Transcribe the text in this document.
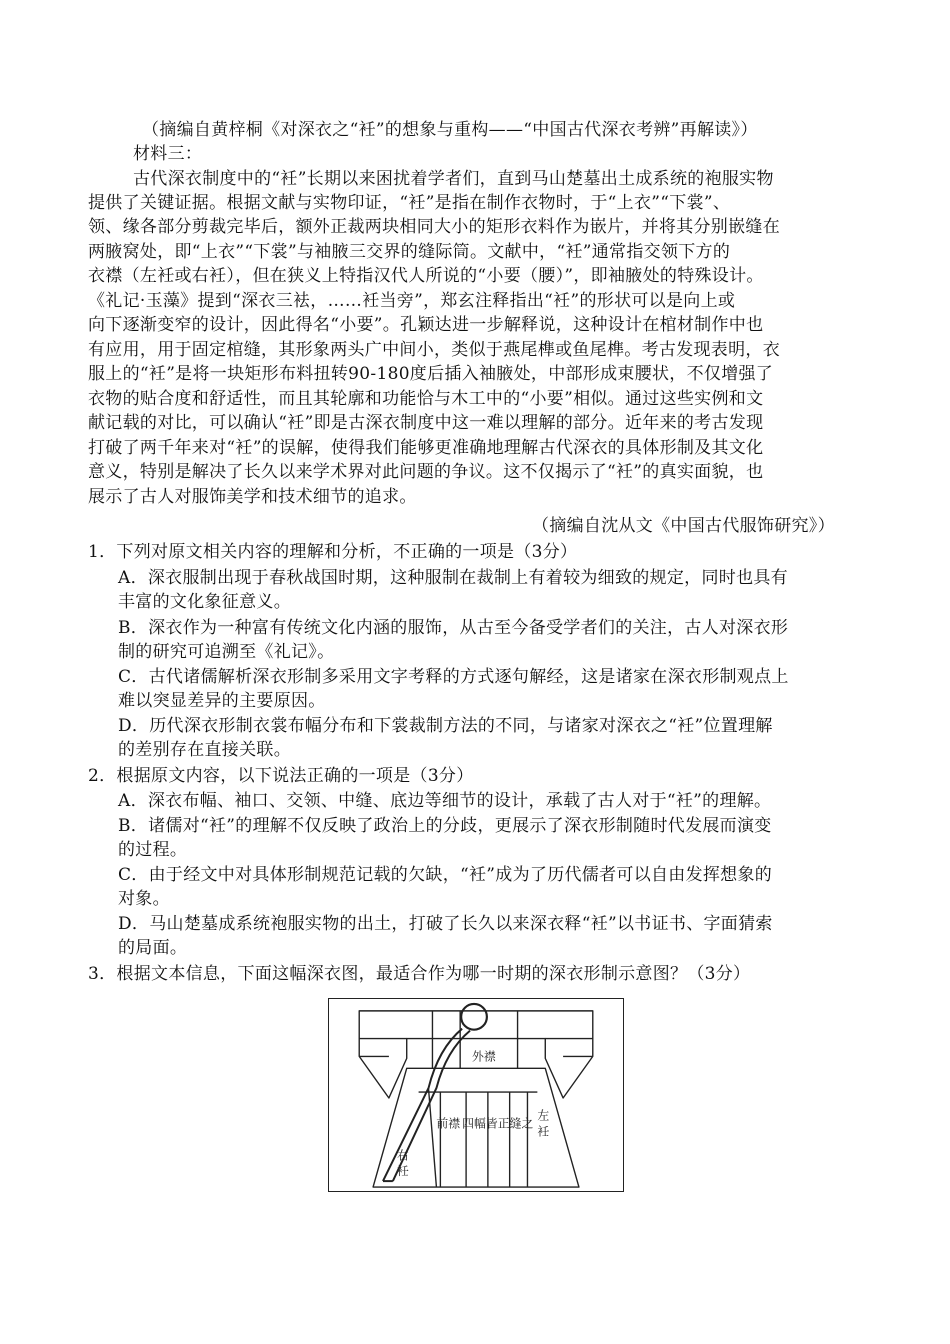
（摘编自黄梓桐《对深衣之“衽”的想象与重构——“中国古代深衣考辨”再解读》）
材料三：
古代深衣制度中的“衽”长期以来困扰着学者们，直到马山楚墓出土成系统的袍服实物
提供了关键证据。根据文献与实物印证，“衽”是指在制作衣物时，于“上衣”“下裳”、
领、缘各部分剪裁完毕后，额外正裁两块相同大小的矩形衣料作为嵌片，并将其分别嵌缝在
两腋窝处，即“上衣”“下裳”与袖腋三交界的缝际筒。文献中，“衽”通常指交领下方的
衣襟（左衽或右衽），但在狭义上特指汉代人所说的“小要（腰）”，即袖腋处的特殊设计。
《礼记·玉藻》提到“深衣三袪，……衽当旁”，郑玄注释指出“衽”的形状可以是向上或
向下逐渐变窄的设计，因此得名“小要”。孔颖达进一步解释说，这种设计在棺材制作中也
有应用，用于固定棺缝，其形象两头广中间小，类似于燕尾榫或鱼尾榫。考古发现表明，衣
服上的“衽”是将一块矩形布料扭转90-180度后插入袖腋处，中部形成束腰状，不仅增强了
衣物的贴合度和舒适性，而且其轮廓和功能恰与木工中的“小要”相似。通过这些实例和文
献记载的对比，可以确认“衽”即是古深衣制度中这一难以理解的部分。近年来的考古发现
打破了两千年来对“衽”的误解，使得我们能够更准确地理解古代深衣的具体形制及其文化
意义，特别是解决了长久以来学术界对此问题的争议。这不仅揭示了“衽”的真实面貌，也
展示了古人对服饰美学和技术细节的追求。
（摘编自沈从文《中国古代服饰研究》）
1．下列对原文相关内容的理解和分析，不正确的一项是（3分）
A．深衣服制出现于春秋战国时期，这种服制在裁制上有着较为细致的规定，同时也具有
丰富的文化象征意义。
B．深衣作为一种富有传统文化内涵的服饰，从古至今备受学者们的关注，古人对深衣形
制的研究可追溯至《礼记》。
C．古代诸儒解析深衣形制多采用文字考释的方式逐句解经，这是诸家在深衣形制观点上
难以突显差异的主要原因。
D．历代深衣形制衣裳布幅分布和下裳裁制方法的不同，与诸家对深衣之“衽”位置理解
的差别存在直接关联。
2．根据原文内容，以下说法正确的一项是（3分）
A．深衣布幅、袖口、交领、中缝、底边等细节的设计，承载了古人对于“衽”的理解。
B．诸儒对“衽”的理解不仅反映了政治上的分歧，更展示了深衣形制随时代发展而演变
的过程。
C．由于经文中对具体形制规范记载的欠缺，“衽”成为了历代儒者可以自由发挥想象的
对象。
D．马山楚墓成系统袍服实物的出土，打破了长久以来深衣释“衽”以书证书、字面猜索
的局面。
3．根据文本信息，下面这幅深衣图，最适合作为哪一时期的深衣形制示意图？（3分）
外襟
前襟 四幅 皆正 缝之
左
衽
右
衽
